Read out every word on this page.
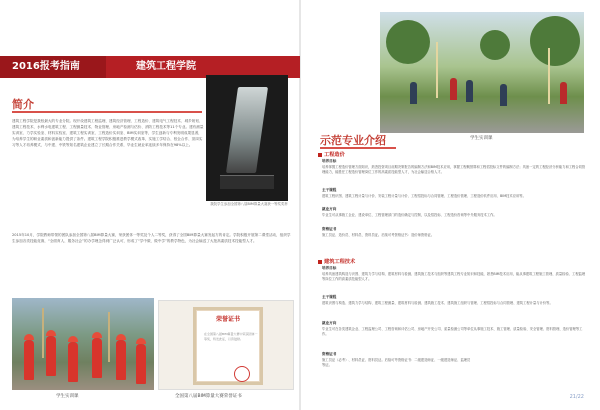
2016报考指南	建筑工程学院
我院学生参加全国第八届BIM算量大赛获一等奖奖杯
简介
建筑工程学院是我校最大的专业分院。现开设建筑工程监理、建筑经济管理、工程造价、建筑电气工程技术、城乡规划、建筑工程技术、水利水电建筑工程、工程测量技术、物业管理、房地产检测与估价、消防工程技术等11个专业。建有测量实训室、力学实验室、材料实验室、建筑工程实训室、工程造价实训室、BIM实训室等，学生创新与专利发明成果显著，为培养学生的职业素质和创新能力提供了条件。建筑工程学院积极推进教学模式改革，实施工学结合、校企合作、顶岗实习等人才培养模式，与中建、中铁等知名建筑企业建立了长期合作关系，毕业生就业率连续多年保持在98%以上。
2015年10月，学院教师带领的团队参加全国第八届BIM算量大赛，荣获团体一等奖及个人二等奖，获得了全国BIM算量大赛发起方的肯定。学院积极开展第二课堂活动，组织学生参加各类技能竞赛，“全面育人、服务社会”的办学理念得到广泛认可，形成了“学中做、做中学”的教学特色，为社会输送了大批高素质技术技能型人才。
学生实训课
荣誉证书
在全国第八届BIM算量大赛中荣获团体一等奖，特发此证，以资鼓励。
全国第八届BIM算量大赛荣誉证书
学生实训课
示范专业介绍
工程造价
培养目标
培养掌握工程造价管理方面知识，熟悉投资项目前期决策报告的编制方法和BIM技术应用，掌握工程概预算和工程招投标文件的编制方法；具备一定的工程经济分析能力和工程合同管理能力，能胜任工程造价管理岗位工作的高素质技能型人才，为社会输送合格人才。
主干课程
建筑工程识图、建筑工程计量与计价、安装工程计量与计价、工程招投标与合同管理、工程造价管理、工程造价软件应用、BIM技术应用等。
就业方向
毕业生可从事施工企业、建设单位、工程管理部门的造价确定与控制，以及招投标、工程造价咨询等中介服务技术工作。
资格证书
施工员证、造价员、材料员、资料员证。后续可考资格证书：造价师资格证。
建筑工程技术
培养目标
培养具备建筑构造与识图、建筑力学与结构、建筑材料与检测、建筑施工技术与组织等建筑工程专业知识和技能，熟悉BIM技术应用，能从事建筑工程施工管理、质量检验、工程监理等岗位工作的高素质技能型人才。
主干课程
建筑识图与构造、建筑力学与结构、建筑工程测量、建筑材料与检测、建筑施工技术、建筑施工组织与管理、工程招投标与合同管理、建筑工程计量与计价等。
就业方向
毕业生可在各类建筑企业、工程监理公司、工程咨询和评估公司、房地产开发公司、质量检测公司等单位从事施工技术、施工管理、质量检验、安全管理、资料管理、造价管理等工作。
资格证书
施工员证（必考）、材料员证、资料员证。后续可考资格证书：二级建造师证、一级建造师证、监理员等证。
21/22
